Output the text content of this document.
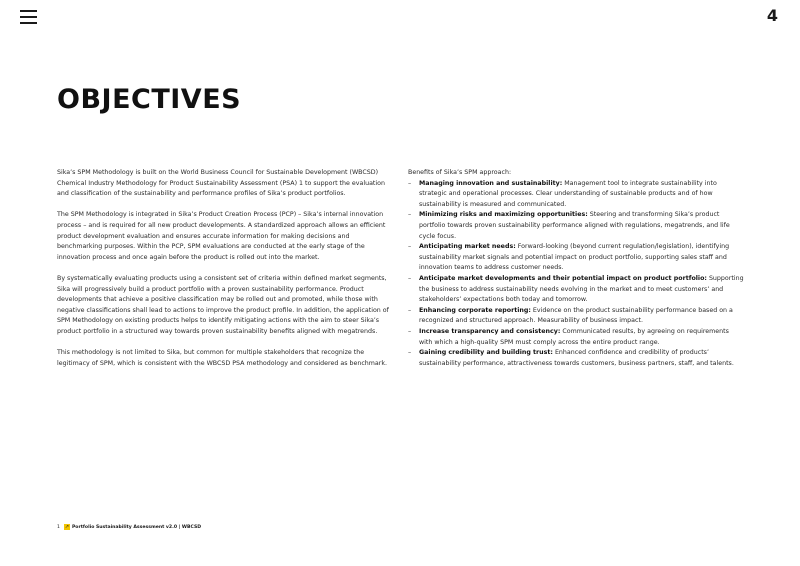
4
OBJECTIVES

Sika’s SPM Methodology is built on the World Business Council for Sustainable Development (WBCSD) Chemical Industry Methodology for Product Sustainability Assessment (PSA) 1 to support the evaluation and classification of the sustainability and performance profiles of Sika’s product portfolios.

The SPM Methodology is integrated in Sika’s Product Creation Process (PCP) – Sika’s internal innovation process – and is required for all new product developments. A standardized approach allows an efficient product development evaluation and ensures accurate information for making decisions and benchmarking purposes. Within the PCP, SPM evaluations are conducted at the early stage of the innovation process and once again before the product is rolled out into the market.

By systematically evaluating products using a consistent set of criteria within defined market segments, Sika will progressively build a product portfolio with a proven sustainability performance. Product developments that achieve a positive classification may be rolled out and promoted, while those with negative classifications shall lead to actions to improve the product profile. In addition, the application of SPM Methodology on existing products helps to identify mitigating actions with the aim to steer Sika’s product portfolio in a structured way towards proven sustainability benefits aligned with megatrends.

This methodology is not limited to Sika, but common for multiple stakeholders that recognize the legitimacy of SPM, which is consistent with the WBCSD PSA methodology and considered as benchmark.

Benefits of Sika’s SPM approach:
– Managing innovation and sustainability: Management tool to integrate sustainability into strategic and operational processes. Clear understanding of sustainable products and of how sustainability is measured and communicated.
– Minimizing risks and maximizing opportunities: Steering and transforming Sika’s product portfolio towards proven sustainability performance aligned with regulations, megatrends, and life cycle focus.
– Anticipating market needs: Forward-looking (beyond current regulation/legislation), identifying sustainability market signals and potential impact on product portfolio, supporting sales staff and innovation teams to address customer needs.
– Anticipate market developments and their potential impact on product portfolio: Supporting the business to address sustainability needs evolving in the market and to meet customers’ and stakeholders’ expectations both today and tomorrow.
– Enhancing corporate reporting: Evidence on the product sustainability performance based on a recognized and structured approach. Measurability of business impact.
– Increase transparency and consistency: Communicated results, by agreeing on requirements with which a high-quality SPM must comply across the entire product range.
– Gaining credibility and building trust: Enhanced confidence and credibility of products’ sustainability performance, attractiveness towards customers, business partners, staff, and talents.
1 ↗ Portfolio Sustainability Assessment v2.0 | WBCSD
